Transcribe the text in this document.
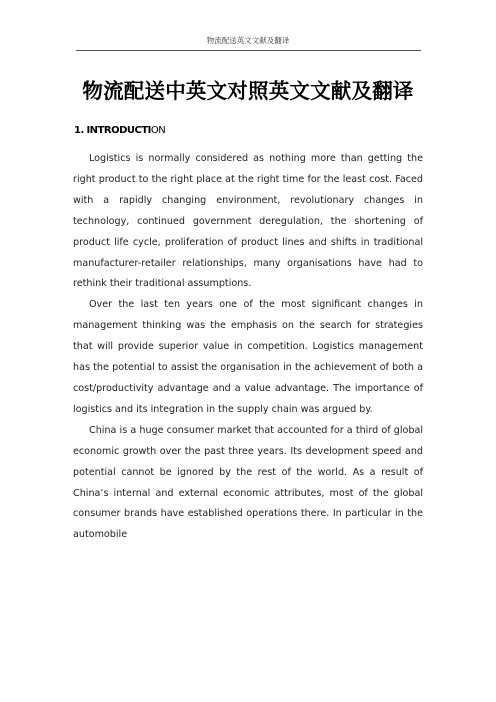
物流配送英文文献及翻译
物流配送中英文对照英文文献及翻译
1. INTRODUCTION

Logistics is normally considered as nothing more than getting the right product to the right place at the right time for the least cost. Faced with a rapidly changing environment, revolutionary changes in technology, continued government deregulation, the shortening of product life cycle, proliferation of product lines and shifts in traditional manufacturer-retailer relationships, many organisations have had to rethink their traditional assumptions.

Over the last ten years one of the most significant changes in management thinking was the emphasis on the search for strategies that will provide superior value in competition. Logistics management has the potential to assist the organisation in the achievement of both a cost/productivity advantage and a value advantage. The importance of logistics and its integration in the supply chain was argued by.

China is a huge consumer market that accounted for a third of global economic growth over the past three years. Its development speed and potential cannot be ignored by the rest of the world. As a result of China’s internal and external economic attributes, most of the global consumer brands have established operations there. In particular in the automobile
